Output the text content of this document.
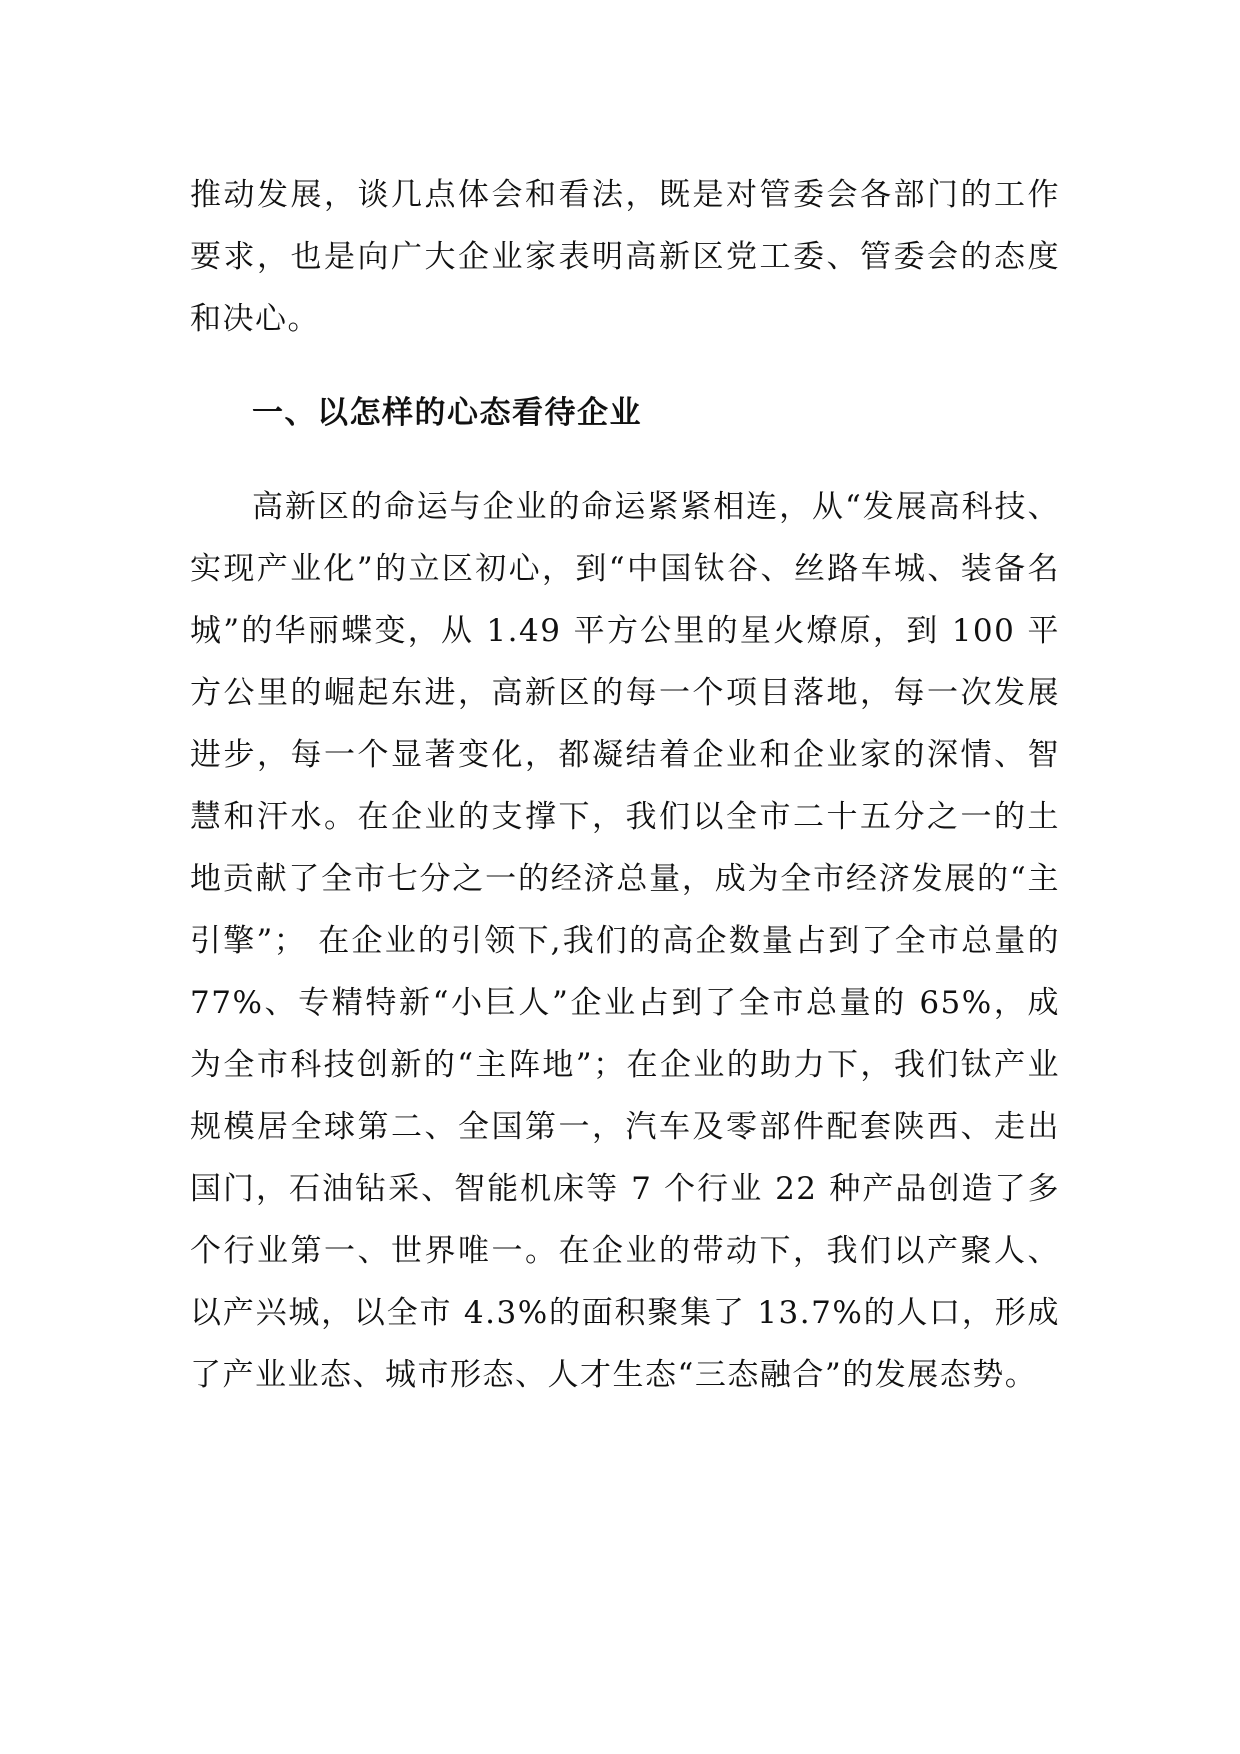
推动发展，谈几点体会和看法，既是对管委会各部门的工作要求，也是向广大企业家表明高新区党工委、管委会的态度和决心。

一、以怎样的心态看待企业

高新区的命运与企业的命运紧紧相连，从“发展高科技、实现产业化”的立区初心，到“中国钛谷、丝路车城、装备名城”的华丽蝶变，从 1.49 平方公里的星火燎原，到 100 平方公里的崛起东进，高新区的每一个项目落地，每一次发展进步，每一个显著变化，都凝结着企业和企业家的深情、智慧和汗水。在企业的支撑下，我们以全市二十五分之一的土地贡献了全市七分之一的经济总量，成为全市经济发展的“主引擎”； 在企业的引领下,我们的高企数量占到了全市总量的 77%、专精特新“小巨人”企业占到了全市总量的 65%，成为全市科技创新的“主阵地”；在企业的助力下，我们钛产业规模居全球第二、全国第一，汽车及零部件配套陕西、走出国门，石油钻采、智能机床等 7 个行业 22 种产品创造了多个行业第一、世界唯一。在企业的带动下，我们以产聚人、以产兴城，以全市 4.3%的面积聚集了 13.7%的人口，形成了产业业态、城市形态、人才生态“三态融合”的发展态势。
